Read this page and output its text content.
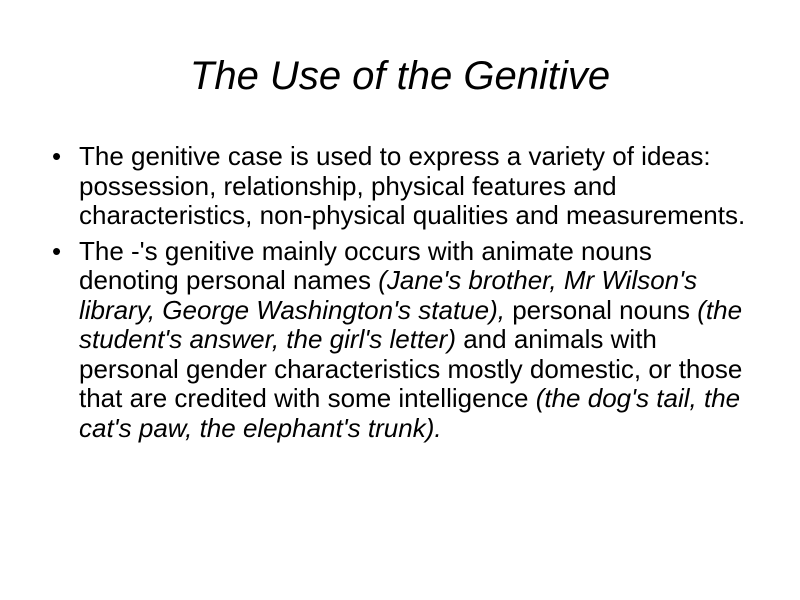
The Use of the Genitive
• The genitive case is used to express a variety of ideas: possession, relationship, physical features and characteristics, non-physical qualities and measurements.
• The -'s genitive mainly occurs with animate nouns denoting personal names (Jane's brother, Mr Wilson's library, George Washington's statue), personal nouns (the student's answer, the girl's letter) and animals with personal gender characteristics mostly domestic, or those that are credited with some intelligence (the dog's tail, the cat's paw, the elephant's trunk).
